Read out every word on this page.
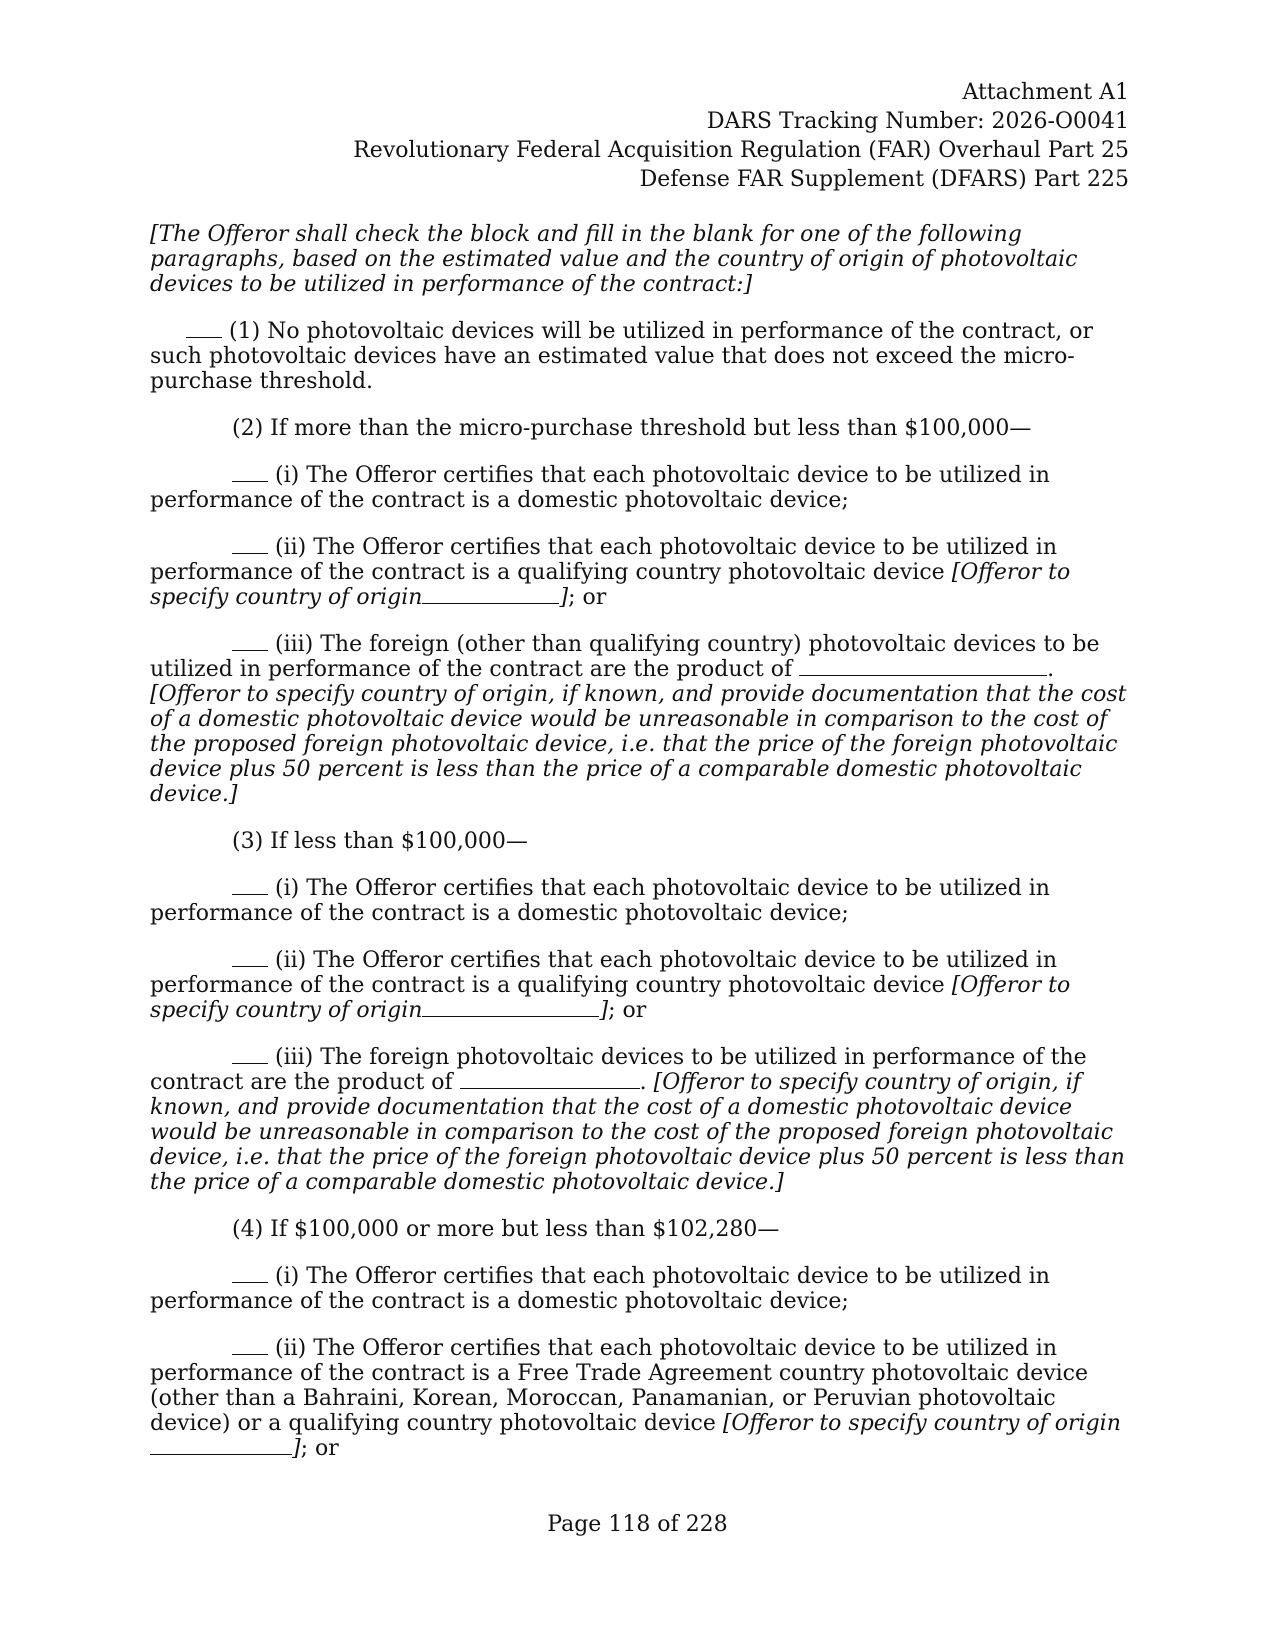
Attachment A1
DARS Tracking Number: 2026-O0041
Revolutionary Federal Acquisition Regulation (FAR) Overhaul Part 25
Defense FAR Supplement (DFARS) Part 225

[The Offeror shall check the block and fill in the blank for one of the following paragraphs, based on the estimated value and the country of origin of photovoltaic devices to be utilized in performance of the contract:]

(1) No photovoltaic devices will be utilized in performance of the contract, or such photovoltaic devices have an estimated value that does not exceed the micro-purchase threshold.

(2) If more than the micro-purchase threshold but less than $100,000—

(i) The Offeror certifies that each photovoltaic device to be utilized in performance of the contract is a domestic photovoltaic device;

(ii) The Offeror certifies that each photovoltaic device to be utilized in performance of the contract is a qualifying country photovoltaic device [Offeror to specify country of origin	]; or

(iii) The foreign (other than qualifying country) photovoltaic devices to be utilized in performance of the contract are the product of	. [Offeror to specify country of origin, if known, and provide documentation that the cost of a domestic photovoltaic device would be unreasonable in comparison to the cost of the proposed foreign photovoltaic device, i.e. that the price of the foreign photovoltaic device plus 50 percent is less than the price of a comparable domestic photovoltaic device.]

(3) If less than $100,000—

(i) The Offeror certifies that each photovoltaic device to be utilized in performance of the contract is a domestic photovoltaic device;

(ii) The Offeror certifies that each photovoltaic device to be utilized in performance of the contract is a qualifying country photovoltaic device [Offeror to specify country of origin	]; or

(iii) The foreign photovoltaic devices to be utilized in performance of the contract are the product of	. [Offeror to specify country of origin, if known, and provide documentation that the cost of a domestic photovoltaic device would be unreasonable in comparison to the cost of the proposed foreign photovoltaic device, i.e. that the price of the foreign photovoltaic device plus 50 percent is less than the price of a comparable domestic photovoltaic device.]

(4) If $100,000 or more but less than $102,280—

(i) The Offeror certifies that each photovoltaic device to be utilized in performance of the contract is a domestic photovoltaic device;

(ii) The Offeror certifies that each photovoltaic device to be utilized in performance of the contract is a Free Trade Agreement country photovoltaic device (other than a Bahraini, Korean, Moroccan, Panamanian, or Peruvian photovoltaic device) or a qualifying country photovoltaic device [Offeror to specify country of origin]; or

Page 118 of 228
